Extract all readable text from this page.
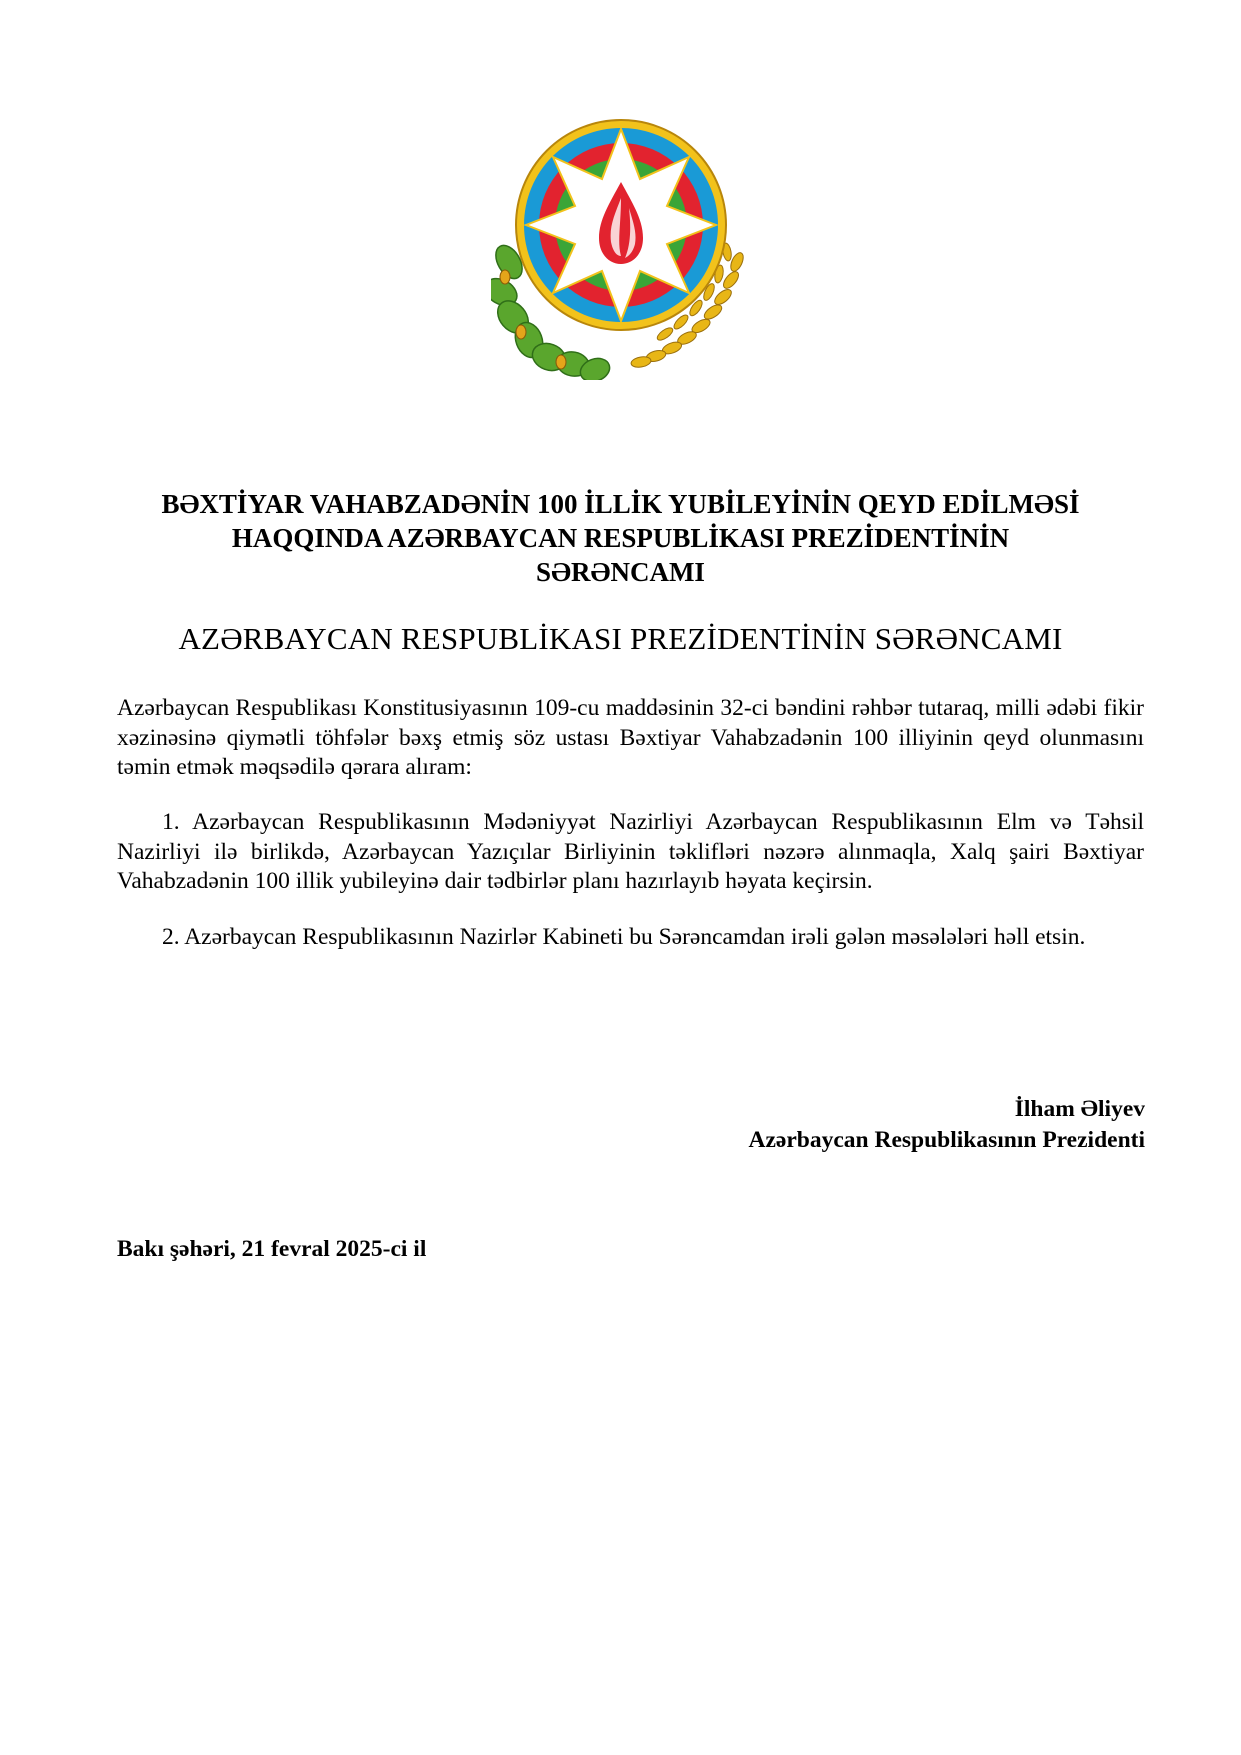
BƏXTİYAR VAHABZADƏNİN 100 İLLİK YUBİLEYİNİN QEYD EDİLMƏSİ
HAQQINDA AZƏRBAYCAN RESPUBLİKASI PREZİDENTİNİN
SƏRƏNCAMI
AZƏRBAYCAN RESPUBLİKASI PREZİDENTİNİN SƏRƏNCAMI
Azərbaycan Respublikası Konstitusiyasının 109-cu maddəsinin 32-ci bəndini rəhbər tutaraq, milli ədəbi fikir xəzinəsinə qiymətli töhfələr bəxş etmiş söz ustası Bəxtiyar Vahabzadənin 100 illiyinin qeyd olunmasını təmin etmək məqsədilə qərara alıram:
1. Azərbaycan Respublikasının Mədəniyyət Nazirliyi Azərbaycan Respublikasının Elm və Təhsil Nazirliyi ilə birlikdə, Azərbaycan Yazıçılar Birliyinin təklifləri nəzərə alınmaqla, Xalq şairi Bəxtiyar Vahabzadənin 100 illik yubileyinə dair tədbirlər planı hazırlayıb həyata keçirsin.
2. Azərbaycan Respublikasının Nazirlər Kabineti bu Sərəncamdan irəli gələn məsələləri həll etsin.
İlham Əliyev
Azərbaycan Respublikasının Prezidenti
Bakı şəhəri, 21 fevral 2025-ci il
